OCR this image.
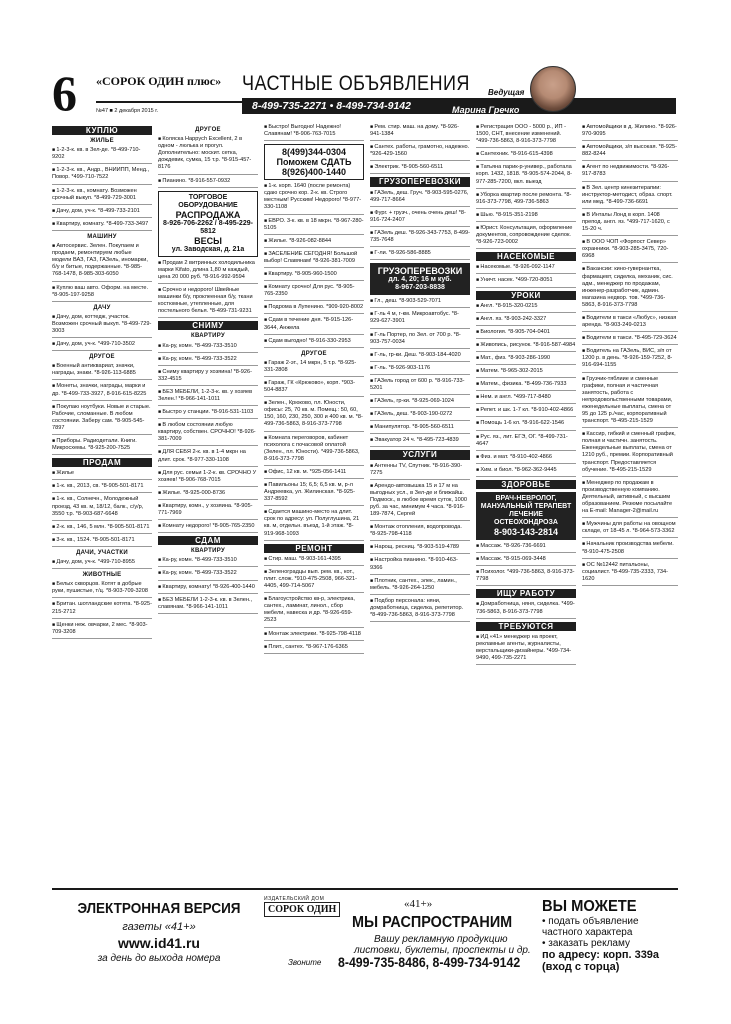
6 «СОРОК ОДИН плюс»
№47 ■ 2 декабря 2015 г.
ЧАСТНЫЕ ОБЪЯВЛЕНИЯ
8-499-735-2271 • 8-499-734-9142
Ведущая
Марина Гречко
КУПЛЮ
ЖИЛЬЕ

■ 1-2-3-к. кв. в Зел-де. *8-499-710-9202

■ 1-2-3-к. кв., Андр., ВНИИПП, Менд., Повор. *499-710-7522

■ 1-2-3-к. кв., комнату. Возможен срочный выкуп. *8-499-729-3001

■ Дачу, дом, уч-к. *8-499-733-2101

■ Квартиру, комнату. *8-499-733-3497

МАШИНУ

■ Автосервис. Зелен. Покупаем и продаем, ремонтируем любые модели ВАЗ, ГАЗ, ГАЗель, иномарки, б/у и битые, подержанные. *8-985-768-1478, 8-985-303-6050

■ Куплю ваш авто. Оформ. на месте. *8-905-197-9258

ДАЧУ

■ Дачу, дом, коттедж, участок. Возможен срочный выкуп. *8-499-729-3003

■ Дачу, дом, уч-к. *499-710-3502

ДРУГОЕ

■ Военный антиквариат, значки, награды, знаки. *8-926-113-6885

■ Монеты, значки, награды, марки и др. *8-499-733-3927, 8-916-615-8225

■ Покупаю ноутбуки. Новые и старые. Рабочие, сломанные. В любом состоянии. Заберу сам. *8-905-545-7897

■ Приборы. Радиодетали. Книги. Микросхемы. *8-925-200-7525

ПРОДАМ

■ Жилье

■ 1-к. кв., 2013, св. *8-905-501-8171

■ 1-к. кв., Солнечн., Молодежный проезд, 43 кв. м, 18/12, балк., с/у/р, 3550 т.р. *8-903-687-6648

■ 2-к. кв., 146, 5 млн. *8-905-501-8171

■ 3-к. кв., 1524. *8-905-501-8171

ДАЧИ, УЧАСТКИ

■ Дачу, дом, уч-к. *499-710-8955

ЖИВОТНЫЕ

■ Белых скворцов. Котят в добрые руки, пушистые, т/ц. *8-903-709-3208

■ Британ. шотландские котята. *8-925-215-2712

■ Щенки неж. овчарки, 2 мес. *8-903-709-3208

ДРУГОЕ

■ Коляска Happych Excellent, 2 в одном - люлька и прогул. Дополнительно: москит. сетка, дождевик, сумка, 15 т.р. *8-915-457-8176

■ Пианино. *8-916-557-0932

ТОРГОВОЕ ОБОРУДОВАНИЕ
РАСПРОДАЖА
8-926-706-2262 / 8-495-229-5812
ВЕСЫ
ул. Заводская, д. 21а

■ Продам 2 витринных холодильника марки Kifato, длина 1,80 м каждый, цена 20 000 руб. *8-916-992-9594

■ Срочно и недорого! Швейные машинки б/у, проклеенная б/у, ткани костюмные, утепленные, для постельного белья. *8-499-731-9231

СНИМУ
КВАРТИРУ

■ Ка-ру, комн. *8-499-733-3510

■ Ка-ру, комн. *8-499-733-3522

■ Сниму квартиру у хозяина! *8-926-332-4515

■ БЕЗ МЕБЕЛИ, 1-2-3-к. кв. у хозяев Зелен.! *8-966-141-1011

■ Быстро у станции. *8-916-531-1103

■ В любом состоянии любую квартиру, собствен. СРОЧНО! *8-926-381-7009

■ ДЛЯ СЕБЯ 2-к. кв. в 1-4 мкрн на длит. срок. *8-977-330-1108

■ Для рус. семьи 1-2-к. кв. СРОЧНО У хозяев! *8-906-768-7015

■ Жилье. *8-925-000-8736

■ Квартиру, комн., у хозяина. *8-905-771-7969

■ Комнату недорого! *8-905-765-2350

СДАМ
КВАРТИРУ

■ Ка-ру, комн. *8-499-733-3510

■ Ка-ру, комн. *8-499-733-3522

■ Квартиру, комнату! *8-926-400-1440

■ БЕЗ МЕБЕЛИ 1-2-3-к. кв. в Зелен., славянам. *8-966-141-1011

■ Быстро! Выгодно! Надежно! Славянам! *8-906-763-7015

8(499)344-0304
Поможем СДАТЬ
8(926)400-1440

■ 1-к. корп. 1640 (после ремонта) сдаю срочно кор. 2-к. кв. Строго местным! Русским! Недорого! *8-977-330-1108

■ ЕВРО. 3-к. кв. в 18 мкрн. *8-967-280-5105

■ Жилье. *8-926-082-8844

■ ЗАСЕЛЕНИЕ СЕГОДНЯ! Большой выбор! Славянам! *8-926-381-7009

■ Квартиру. *8-905-960-1500

■ Комнату срочно! Для рус. *8-905-765-2350

■ Подрома в Лупенино. *909-920-8002

■ Сдам в течение дня. *8-915-126-3644, Анжела

■ Сдам выгодно! *8-916-330-2953

ДРУГОЕ

■ Гараж 2-эт., 14 мкрн, 5 т.р. *8-925-331-2808

■ Гараж, ГК «Крюково», корп. *903-504-8837

■ Зелен., Крюково, пл. Юности, офисы: 25, 70 кв. м. Помещ.: 50, 60, 150, 160, 230, 250, 300 и 400 кв. м. *8-499-736-5863, 8-916-373-7798

■ Комната переговоров, кабинет психолога с почасовой оплатой (Зелен., пл. Юности). *499-736-5863, 8-916-373-7798

■ Офис, 12 кв. м. *925-056-1411

■ Павильоны 15; 6,5; 6,5 кв. м, р-л Андреевка, ул. Жилинская. *8-925-337-8592

■ Сдается машино-место на длит. срок по адресу: ул. Полуглушина, 21 кв. м, отдельн. въезд, 1-й этаж. *8-919-968-1093

РЕМОНТ

■ Стир. маш. *8-903-161-4395

■ Зеленоградцы вып. рем. кв., кот., плит. слож. *910-475-2508, 966-321-4405, 499-714-5067

■ Благоустройство кв-р, электрика, сантех., ламинат, линол., сбор мебели, навеска и др. *8-926-659-2523

■ Монтаж электрики. *8-925-798-4118

■ Плит., сантех. *8-967-176-6365

■ Рем. стир. маш. на дому. *8-926-941-1384

■ Сантех. работы, грамотно, надежно. *926-429-1560

■ Электрик. *8-905-560-6511

ГРУЗОПЕРЕВОЗКИ

■ ГАЗель, деш. Груч. *8-903-595-0276, 499-717-8664

■ Фург. + грузч., очень очень деш! *8-916-724-2407

■ ГАЗель деш. *8-926-343-7753, 8-499-735-7648

■ Г-ли. *8-926-586-8885

ГРУЗОПЕРЕВОЗКИ
дл. 4, 20; 16 м куб.
8-967-203-8838

■ Гл., деш. *8-903-529-7071

■ Г-ль 4 м, г-км. Микроавтобус. *8-929-627-3901

■ Г-ль Портер, по Зел. от 700 р. *8-903-757-0034

■ Г-ль, гр-ки. Деш. *8-903-184-4020

■ Г-ль. *8-926-903-1176

■ ГАЗель город от 600 р. *8-916-733-5201

■ ГАЗель, гр-ки. *8-925-069-1024

■ ГАЗель, деш. *8-903-190-0272

■ Манипулятор. *8-905-560-6511

■ Эвакуатор 24 ч. *8-495-723-4839

УСЛУГИ

■ Антенны ТV, Спутник. *8-916-390-7275

■ Арендо-автовышка 15 и 17 м на выгодных усл., в Зел-де и ближайш. Подмоск., в любое время суток, 1000 руб. за час, минимум 4 часа. *8-916-189-7874, Сергей

■ Монтаж отопления, водопровода. *8-925-798-4118

■ Нарощ. ресниц. *8-903-519-4789

■ Настройка пианино. *8-910-463-9366

■ Плотник, сантех., элек., ламин., мебель. *8-926-264-1250

■ Подбор персонала: няни, домработница, сиделка, репетитор. *8-499-736-5863, 8-916-373-7798

■ Регистрация ООО - 5000 р., ИП - 1500, СНТ, внесение изменений. *499-736-5863, 8-916-373-7798

■ Сантехник. *8-916-615-4398

■ Татьяна парик-р-универ., работала корп. 1432, 1818. *8-905-574-2044, 8-977-285-7200, вкл. выезд

■ Уборка квартир после ремонта. *8-916-373-7798, 499-736-5863

■ Шью. *8-915-351-2198

■ Юрист. Консультация, оформление документов, сопровождение сделок. *8-926-723-0002

НАСЕКОМЫЕ

■ Насекомые. *8-926-092-1147

■ Уничт. насек. *499-720-8051

УРОКИ

■ Англ. *8-915-320-0215

■ Англ. яз. *8-903-242-3327

■ Биология. *8-905-704-0401

■ Живопись, рисунок. *8-916-587-4984

■ Мат., физ. *8-903-286-1990

■ Матем. *8-965-302-2015

■ Матем., физика. *8-499-736-7933

■ Нем. и англ. *499-717-8480

■ Репет. и шк. 1-7 кл. *8-910-402-4866

■ Помощь 1-6 кл. *8-916-622-1546

■ Рус. яз., лит. ЕГЭ, ОГ. *8-499-731-4647

■ Физ. и мат. *8-910-402-4866

■ Хим. и биол. *8-962-362-9445

ЗДОРОВЬЕ
ВРАЧ-НЕВРОЛОГ, МАНУАЛЬНЫЙ ТЕРАПЕВТ ЛЕЧЕНИЕ ОСТЕОХОНДРОЗА
8-903-143-2814

■ Массаж. *8-926-736-6691

■ Массаж. *8-915-069-3448

■ Психолог. *499-736-5863, 8-916-373-7798

ИЩУ РАБОТУ

■ Домработница, няня, сиделка. *499-736-5863, 8-916-373-7798

ТРЕБУЮТСЯ

■ ИД «41» менеджер на проект, рекламные агенты, журналисты, верстальщики-дизайнеры. *499-734-9490, 499-735-2271

■ Автомойщики в д. Жилино. *8-926-970-9095

■ Автомойщики, з/п высокая. *8-925-882-8244

■ Агент по недвижимости. *8-926-917-8783

■ В Зел. центр кинезитерапии: инструктор-методист, образ. спорт. или мед. *8-499-736-6691

■ В Инталы Лонд в корп. 1408 препод. англ. яз. *499-717-1620, с 15-20 ч.

■ В ООО ЧОП «Форпост Север» охранники. *8-903-285-3475, 720-6968

■ Вакансии: кино-гувернантка, фармацевт, сиделка, механик, сис. адм., менеджер по продажам, инженер-разработчик, админ. магазина недвор. тов. *499-736-5863, 8-916-373-7798

■ Водители в такси «Любус», низкая аренда. *8-903-249-0213

■ Водители в такси. *8-495-729-3624

■ Водитель на ГАЗель, ВИС, з/п от 1200 р. в день. *8-926-159-7252, 8-916-694-1155

■ Грузчик-тяблиие и сменные графики, полная и частичная занятость, работа с непродовольственными товарами, еженедельные выплаты, смена от 95 до 125 р./час, корпоративный транспорт. *8-495-215-1529

■ Кассир, гибкий и сменный график, полная и частичн. занятость. Еженедельные выплаты, смена от 1210 руб., премии. Корпоративный транспорт. Предоставляется обучение. *8-495-215-1529

■ Менеджер по продажам в производственную компанию. Деятельный, активный, с высшим образованием. Резюме посылайте на E-mail: Manager-2@mail.ru

■ Мужчины для работы на овощном складе, от 18-45 л. *8-964-573-3362

■ Начальник производства мебели. *8-910-475-2508

■ ОС №12442 питальоны, социалист. *8-499-735-2333, 734-1620

ЭЛЕКТРОННАЯ ВЕРСИЯ
газеты «41+»
www.id41.ru
за день до выхода номера
ИЗДАТЕЛЬСКИЙ ДОМ
СОРОК ОДИН	«41+»
МЫ РАСПРОСТРАНИМ
Вашу рекламную продукцию
листовки, буклеты, проспекты и др.
Звоните 8-499-735-8486, 8-499-734-9142
ВЫ МОЖЕТЕ
• подать объявление
частного характера
• заказать рекламу
по адресу: корп. 339а
(вход с торца)
